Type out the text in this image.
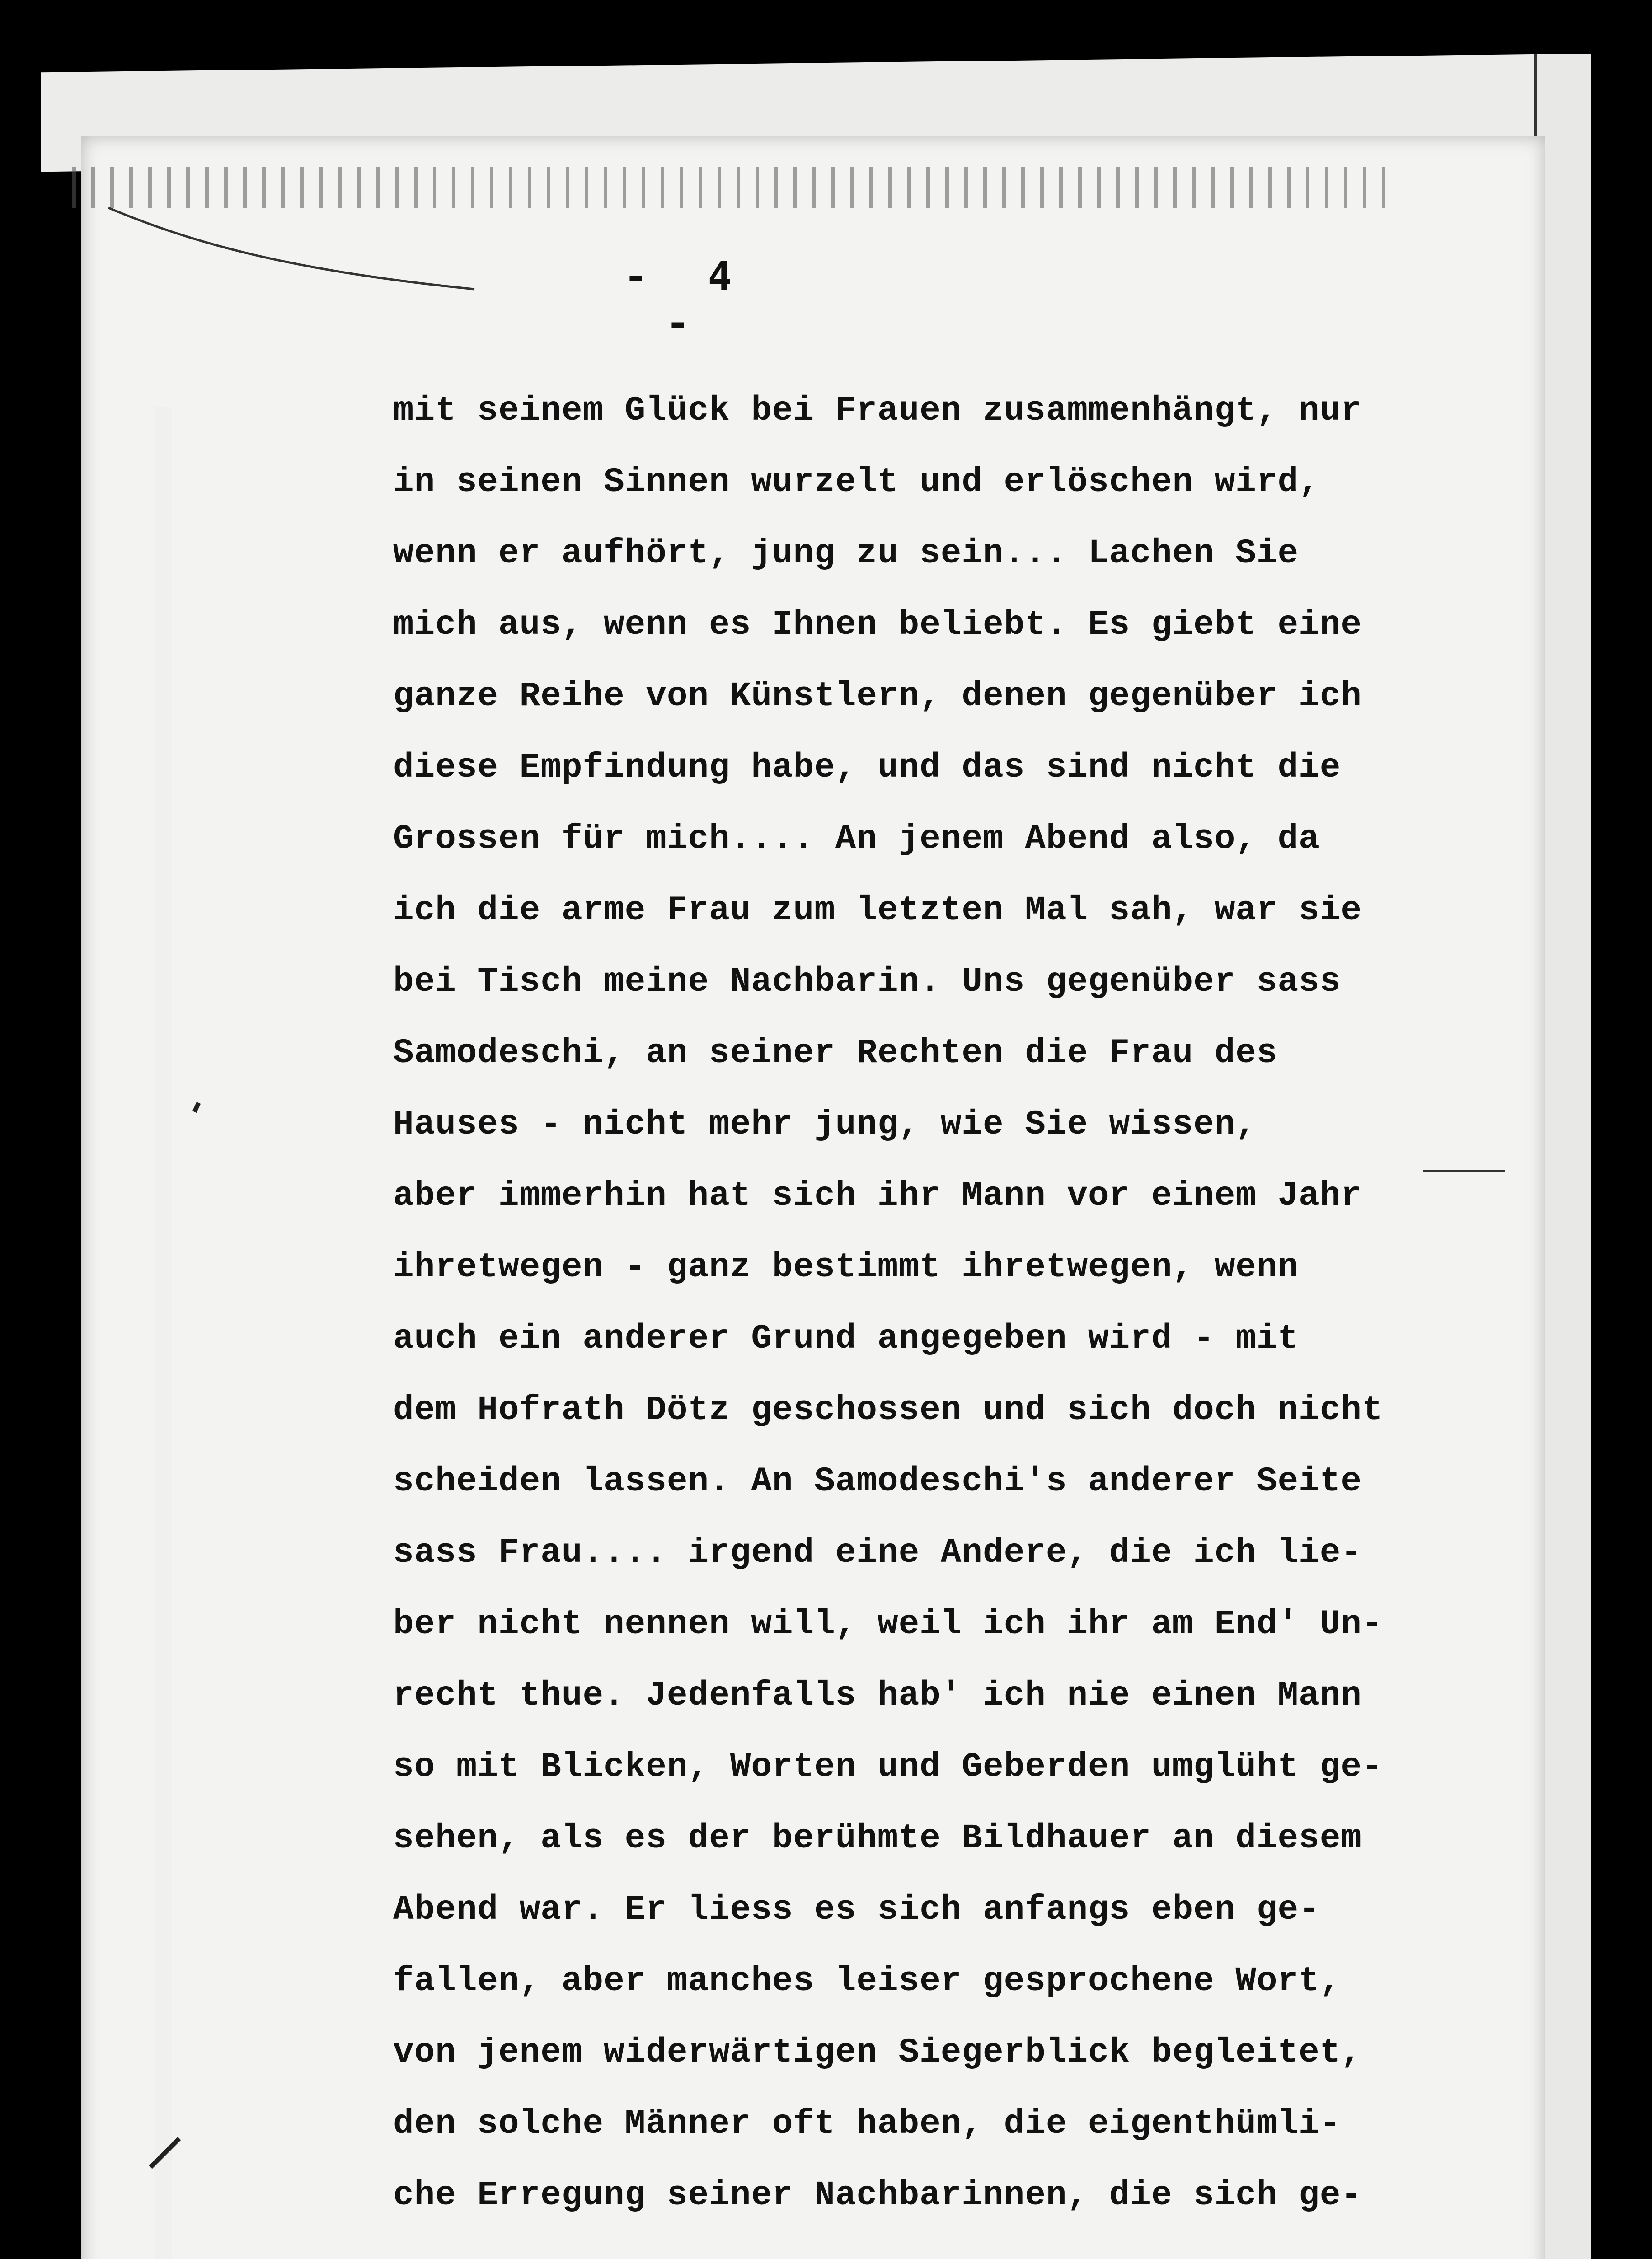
- 4 -
mit seinem Glück bei Frauen zusammenhängt, nur
in seinen Sinnen wurzelt und erlöschen wird,
wenn er aufhört, jung zu sein... Lachen Sie
mich aus, wenn es Ihnen beliebt. Es giebt eine
ganze Reihe von Künstlern, denen gegenüber ich
diese Empfindung habe, und das sind nicht die
Grossen für mich.... An jenem Abend also, da
ich die arme Frau zum letzten Mal sah, war sie
bei Tisch meine Nachbarin. Uns gegenüber sass
Samodeschi, an seiner Rechten die Frau des
Hauses - nicht mehr jung, wie Sie wissen,
aber immerhin hat sich ihr Mann vor einem Jahr
ihretwegen - ganz bestimmt ihretwegen, wenn
auch ein anderer Grund angegeben wird - mit
dem Hofrath Dötz geschossen und sich doch nicht
scheiden lassen. An Samodeschi's anderer Seite
sass Frau.... irgend eine Andere, die ich lie-
ber nicht nennen will, weil ich ihr am End' Un-
recht thue. Jedenfalls hab' ich nie einen Mann
so mit Blicken, Worten und Geberden umglüht ge-
sehen, als es der berühmte Bildhauer an diesem
Abend war. Er liess es sich anfangs eben ge-
fallen, aber manches leiser gesprochene Wort,
von jenem widerwärtigen Siegerblick begleitet,
den solche Männer oft haben, die eigenthümli-
che Erregung seiner Nachbarinnen, die sich ge-
